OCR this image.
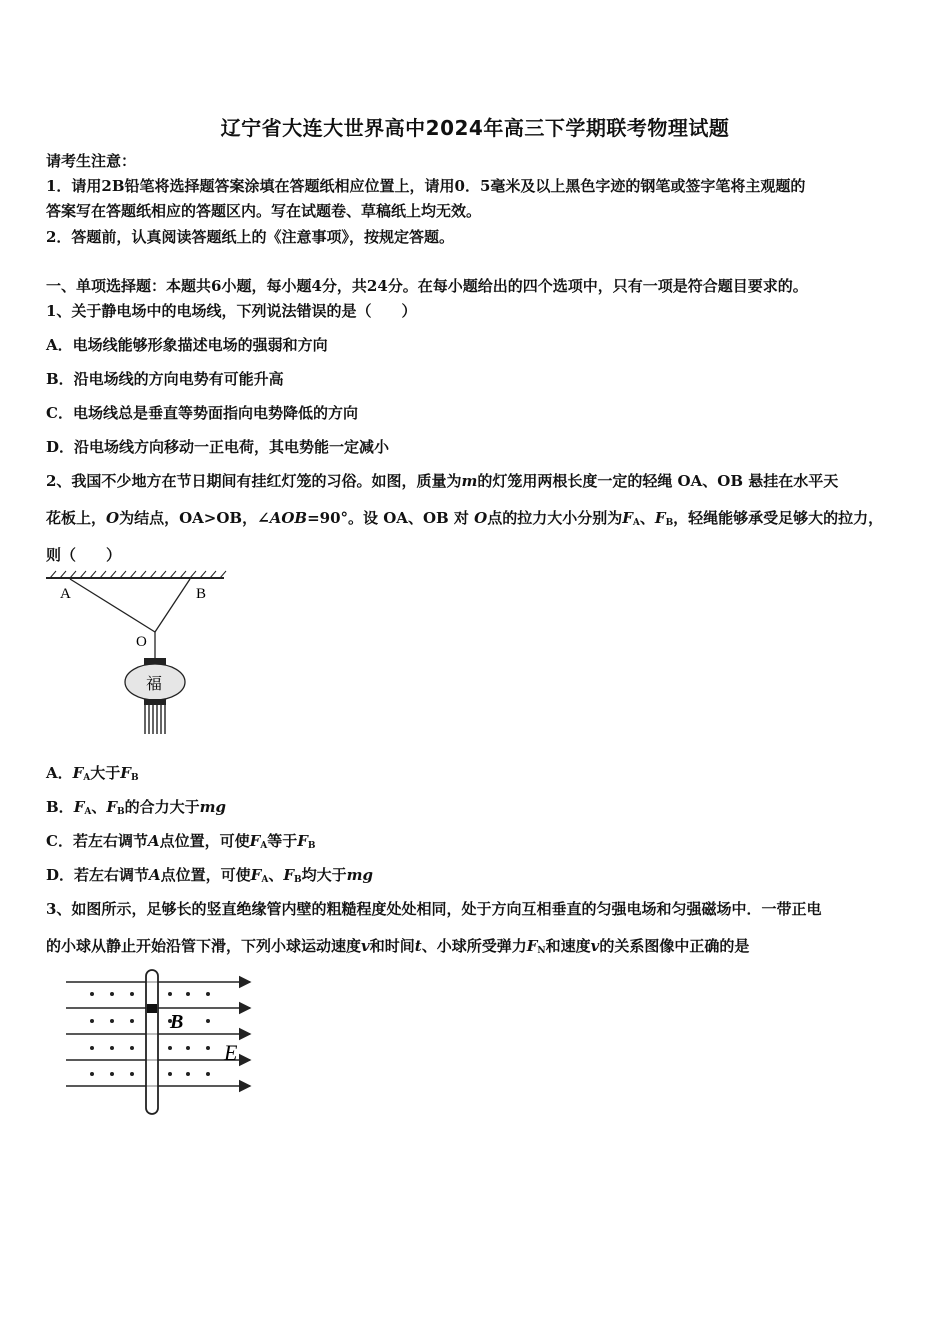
辽宁省大连大世界高中2024年高三下学期联考物理试题
请考生注意：
1．请用2B铅笔将选择题答案涂填在答题纸相应位置上，请用0．5毫米及以上黑色字迹的钢笔或签字笔将主观题的
答案写在答题纸相应的答题区内。写在试题卷、草稿纸上均无效。
2．答题前，认真阅读答题纸上的《注意事项》，按规定答题。
一、单项选择题：本题共6小题，每小题4分，共24分。在每小题给出的四个选项中，只有一项是符合题目要求的。
1、关于静电场中的电场线，下列说法错误的是（　　）
A．电场线能够形象描述电场的强弱和方向
B．沿电场线的方向电势有可能升高
C．电场线总是垂直等势面指向电势降低的方向
D．沿电场线方向移动一正电荷，其电势能一定减小
2、我国不少地方在节日期间有挂红灯笼的习俗。如图，质量为m的灯笼用两根长度一定的轻绳 OA、OB 悬挂在水平天
花板上，O为结点，OA>OB，∠AOB=90°。设 OA、OB 对 O点的拉力大小分别为$F_A$、$F_B$，轻绳能够承受足够大的拉力，
则（　　）
A	B
O
福
A．$F_A$大于$F_B$
B．$F_A$、$F_B$的合力大于mg
C．若左右调节A点位置，可使$F_A$等于$F_B$
D．若左右调节A点位置，可使$F_A$、$F_B$均大于mg
3、如图所示，足够长的竖直绝缘管内壁的粗糙程度处处相同，处于方向互相垂直的匀强电场和匀强磁场中．一带正电
的小球从静止开始沿管下滑，下列小球运动速度v和时间t、小球所受弹力$F_N$和速度v的关系图像中正确的是
B
E
